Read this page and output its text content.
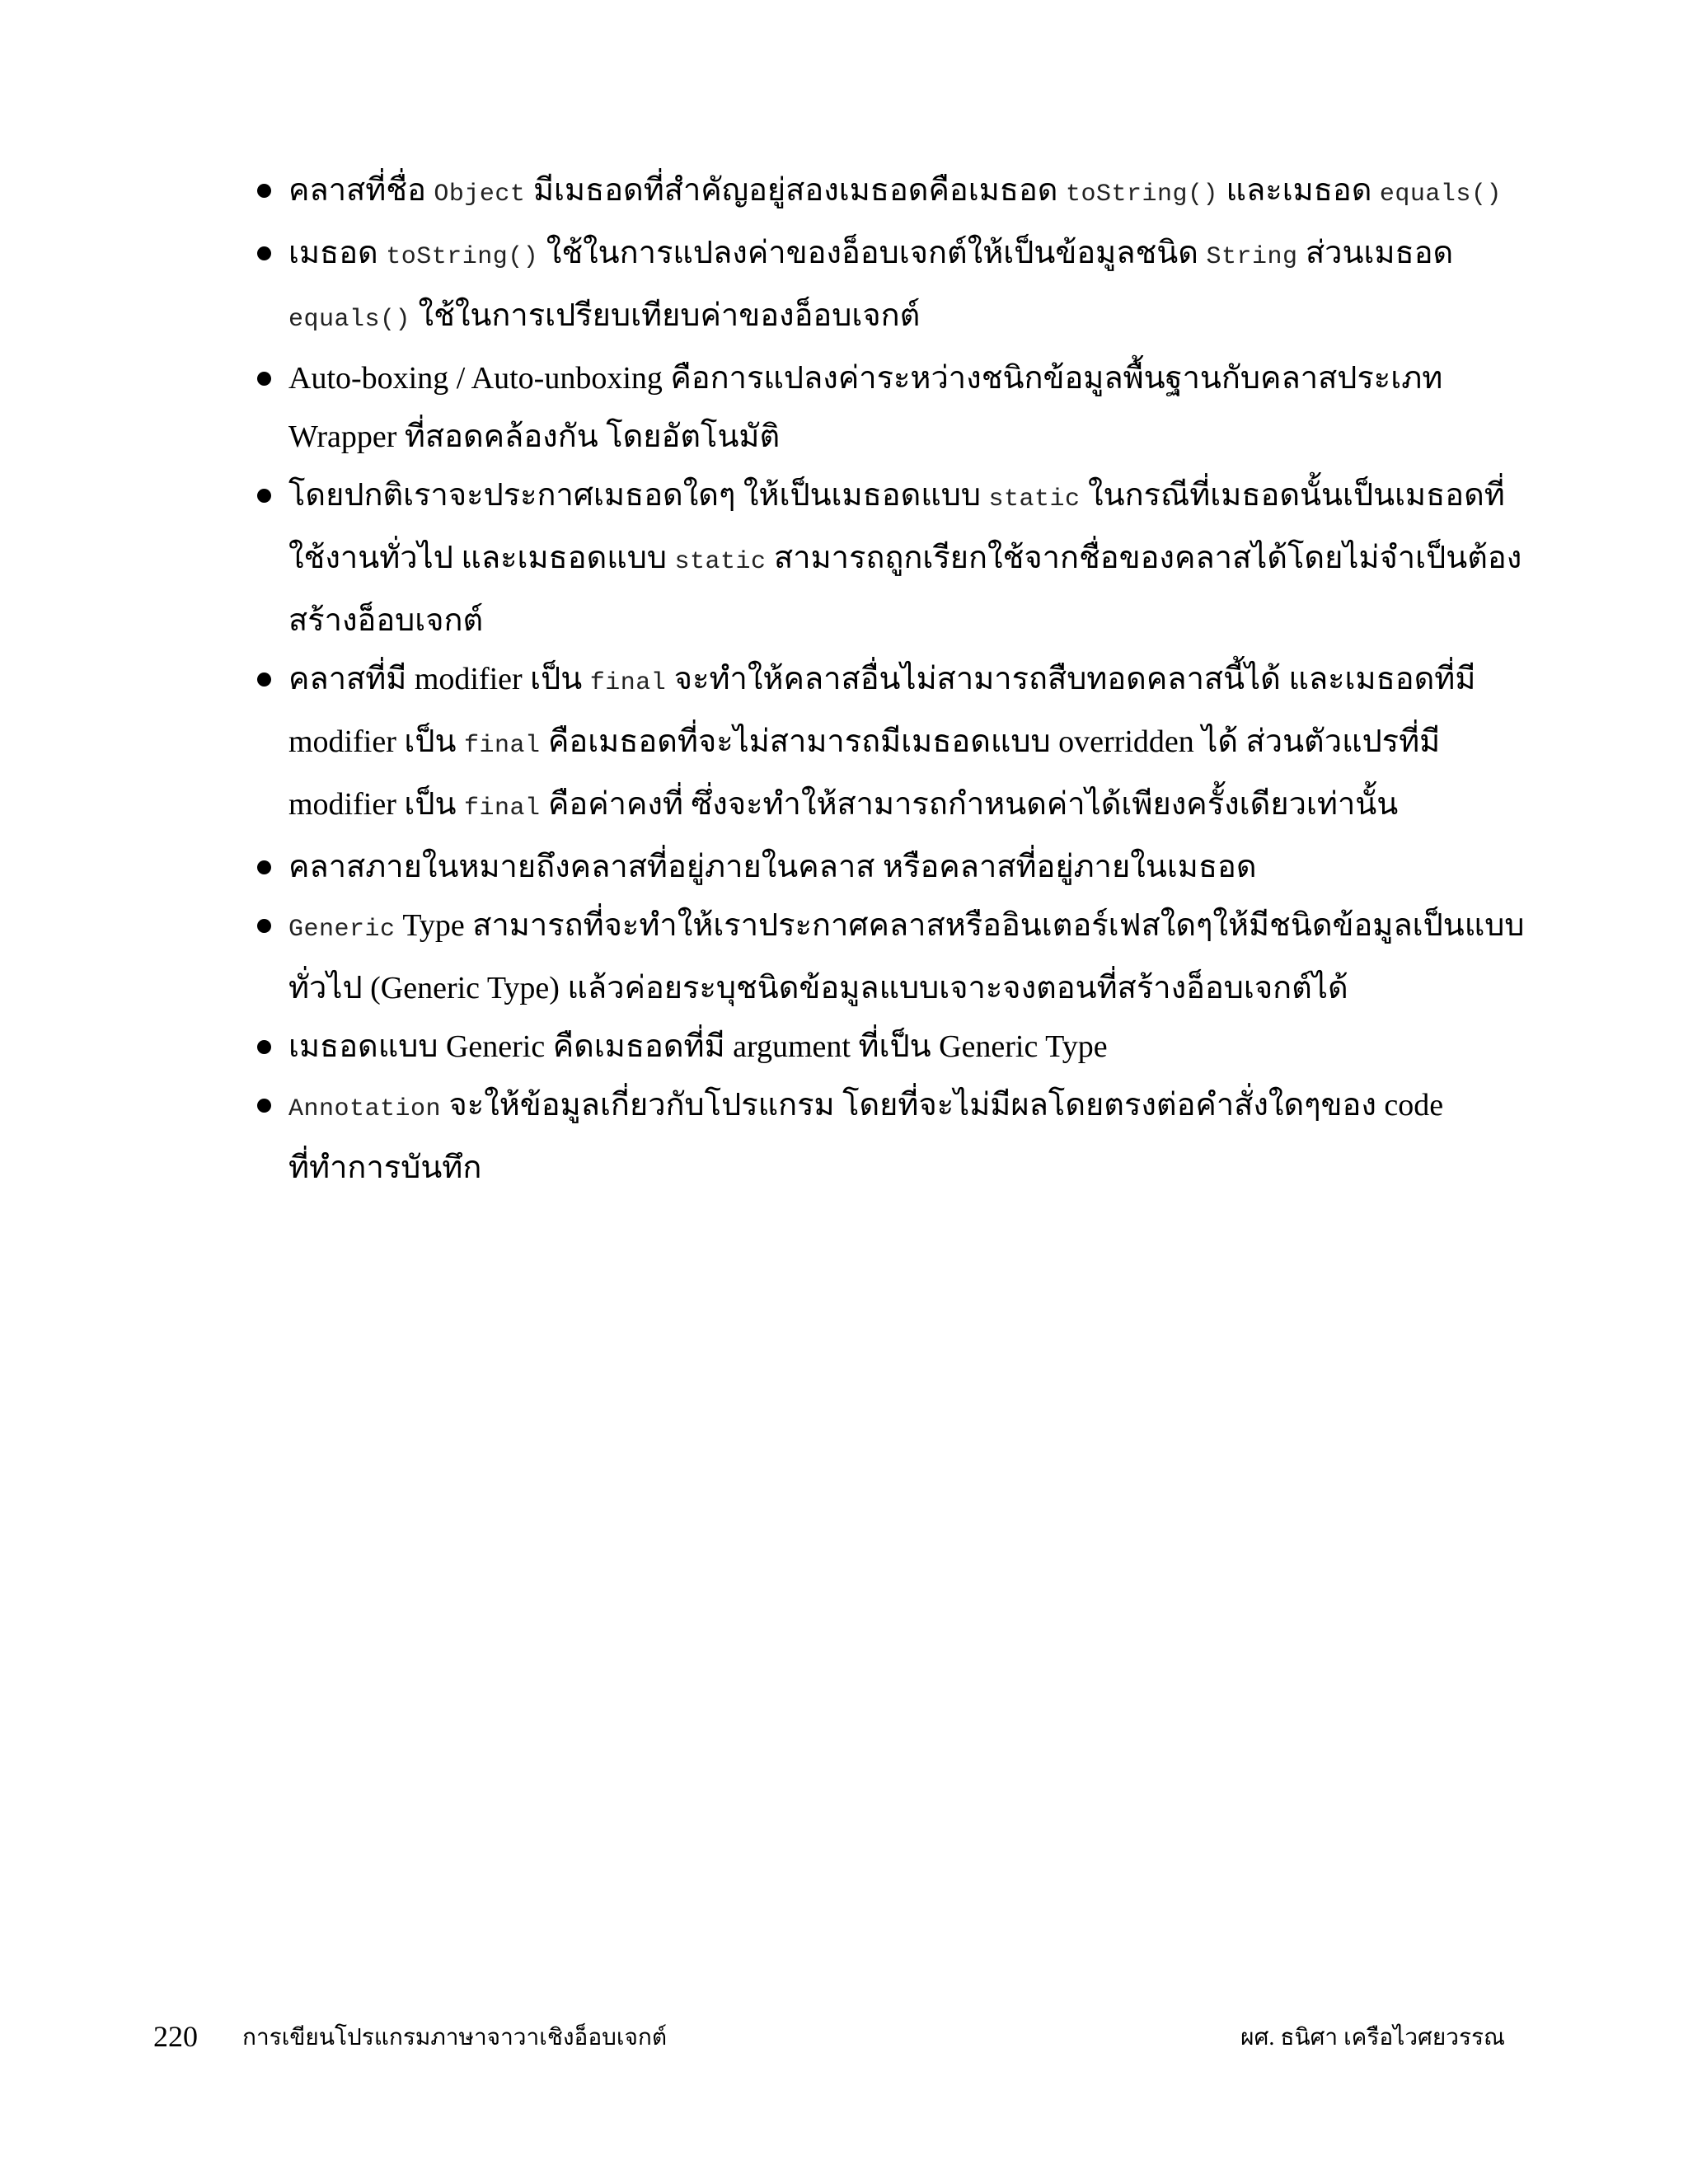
คลาสที่ชื่อ Object มีเมธอดที่สำคัญอยู่สองเมธอดคือเมธอด toString() และเมธอด equals()
เมธอด toString() ใช้ในการแปลงค่าของอ็อบเจกต์ให้เป็นข้อมูลชนิด String ส่วนเมธอด equals() ใช้ในการเปรียบเทียบค่าของอ็อบเจกต์
Auto-boxing / Auto-unboxing คือการแปลงค่าระหว่างชนิกข้อมูลพื้นฐานกับคลาสประเภท Wrapper ที่สอดคล้องกัน โดยอัตโนมัติ
โดยปกติเราจะประกาศเมธอดใดๆ ให้เป็นเมธอดแบบ static ในกรณีที่เมธอดนั้นเป็นเมธอดที่ใช้งานทั่วไป และเมธอดแบบ static สามารถถูกเรียกใช้จากชื่อของคลาสได้โดยไม่จำเป็นต้องสร้างอ็อบเจกต์
คลาสที่มี modifier เป็น final จะทำให้คลาสอื่นไม่สามารถสืบทอดคลาสนี้ได้ และเมธอดที่มี modifier เป็น final คือเมธอดที่จะไม่สามารถมีเมธอดแบบ overridden ได้ ส่วนตัวแปรที่มี modifier เป็น final คือค่าคงที่ ซึ่งจะทำให้สามารถกำหนดค่าได้เพียงครั้งเดียวเท่านั้น
คลาสภายในหมายถึงคลาสที่อยู่ภายในคลาส หรือคลาสที่อยู่ภายในเมธอด
Generic Type สามารถที่จะทำให้เราประกาศคลาสหรืออินเตอร์เฟสใดๆให้มีชนิดข้อมูลเป็นแบบทั่วไป (Generic Type) แล้วค่อยระบุชนิดข้อมูลแบบเจาะจงตอนที่สร้างอ็อบเจกต์ได้
เมธอดแบบ Generic คืดเมธอดที่มี argument ที่เป็น Generic Type
Annotation จะให้ข้อมูลเกี่ยวกับโปรแกรม โดยที่จะไม่มีผลโดยตรงต่อคำสั่งใดๆของ code ที่ทำการบันทึก
220 การเขียนโปรแกรมภาษาจาวาเชิงอ็อบเจกต์	ผศ. ธนิศา เครือไวศยวรรณ
